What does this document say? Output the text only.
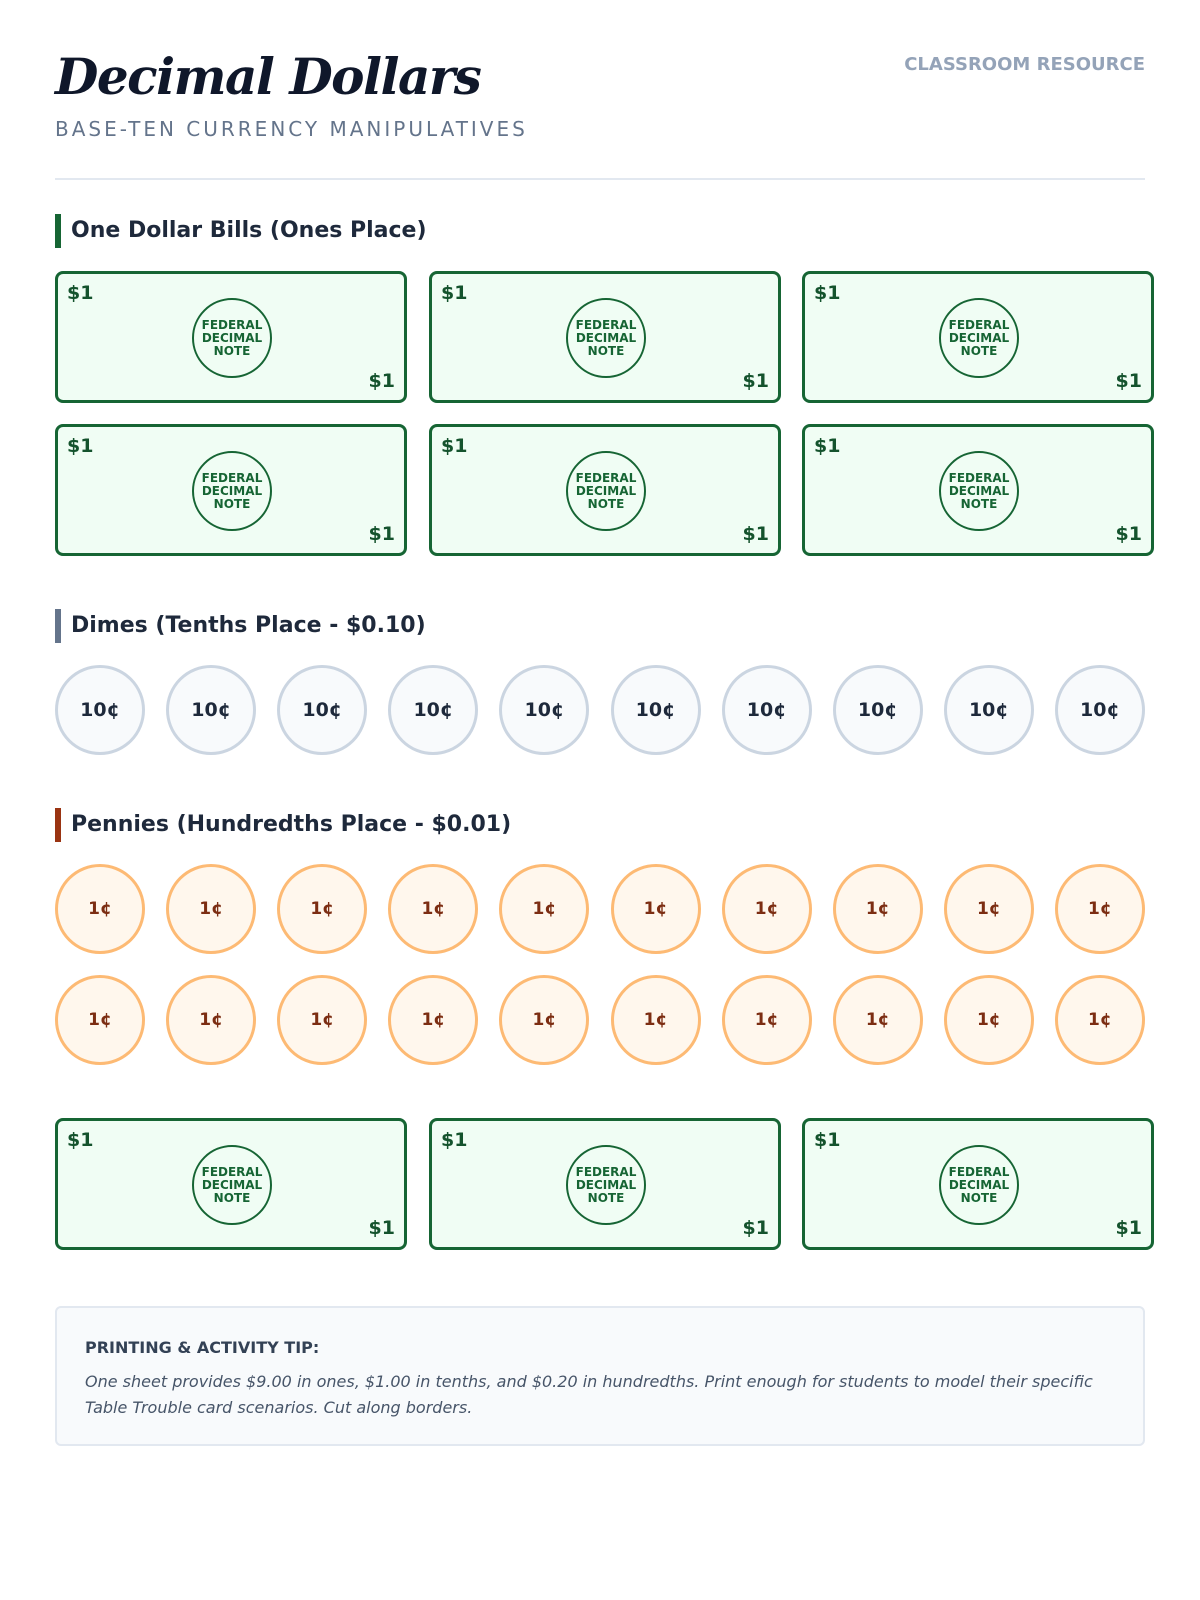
Decimal Dollars
BASE-TEN CURRENCY MANIPULATIVES
CLASSROOM RESOURCE
One Dollar Bills (Ones Place)
$1
FEDERAL DECIMAL NOTE
$1
$1
FEDERAL DECIMAL NOTE
$1
$1
FEDERAL DECIMAL NOTE
$1
$1
FEDERAL DECIMAL NOTE
$1
$1
FEDERAL DECIMAL NOTE
$1
$1
FEDERAL DECIMAL NOTE
$1
Dimes (Tenths Place - $0.10)
10¢	10¢	10¢	10¢	10¢	10¢	10¢	10¢	10¢	10¢
Pennies (Hundredths Place - $0.01)
1¢	1¢	1¢	1¢	1¢	1¢	1¢	1¢	1¢	1¢
1¢	1¢	1¢	1¢	1¢	1¢	1¢	1¢	1¢	1¢
$1
FEDERAL DECIMAL NOTE
$1
$1
FEDERAL DECIMAL NOTE
$1
$1
FEDERAL DECIMAL NOTE
$1
PRINTING & ACTIVITY TIP:
One sheet provides $9.00 in ones, $1.00 in tenths, and $0.20 in hundredths. Print enough for students to model their specific Table Trouble card scenarios. Cut along borders.
